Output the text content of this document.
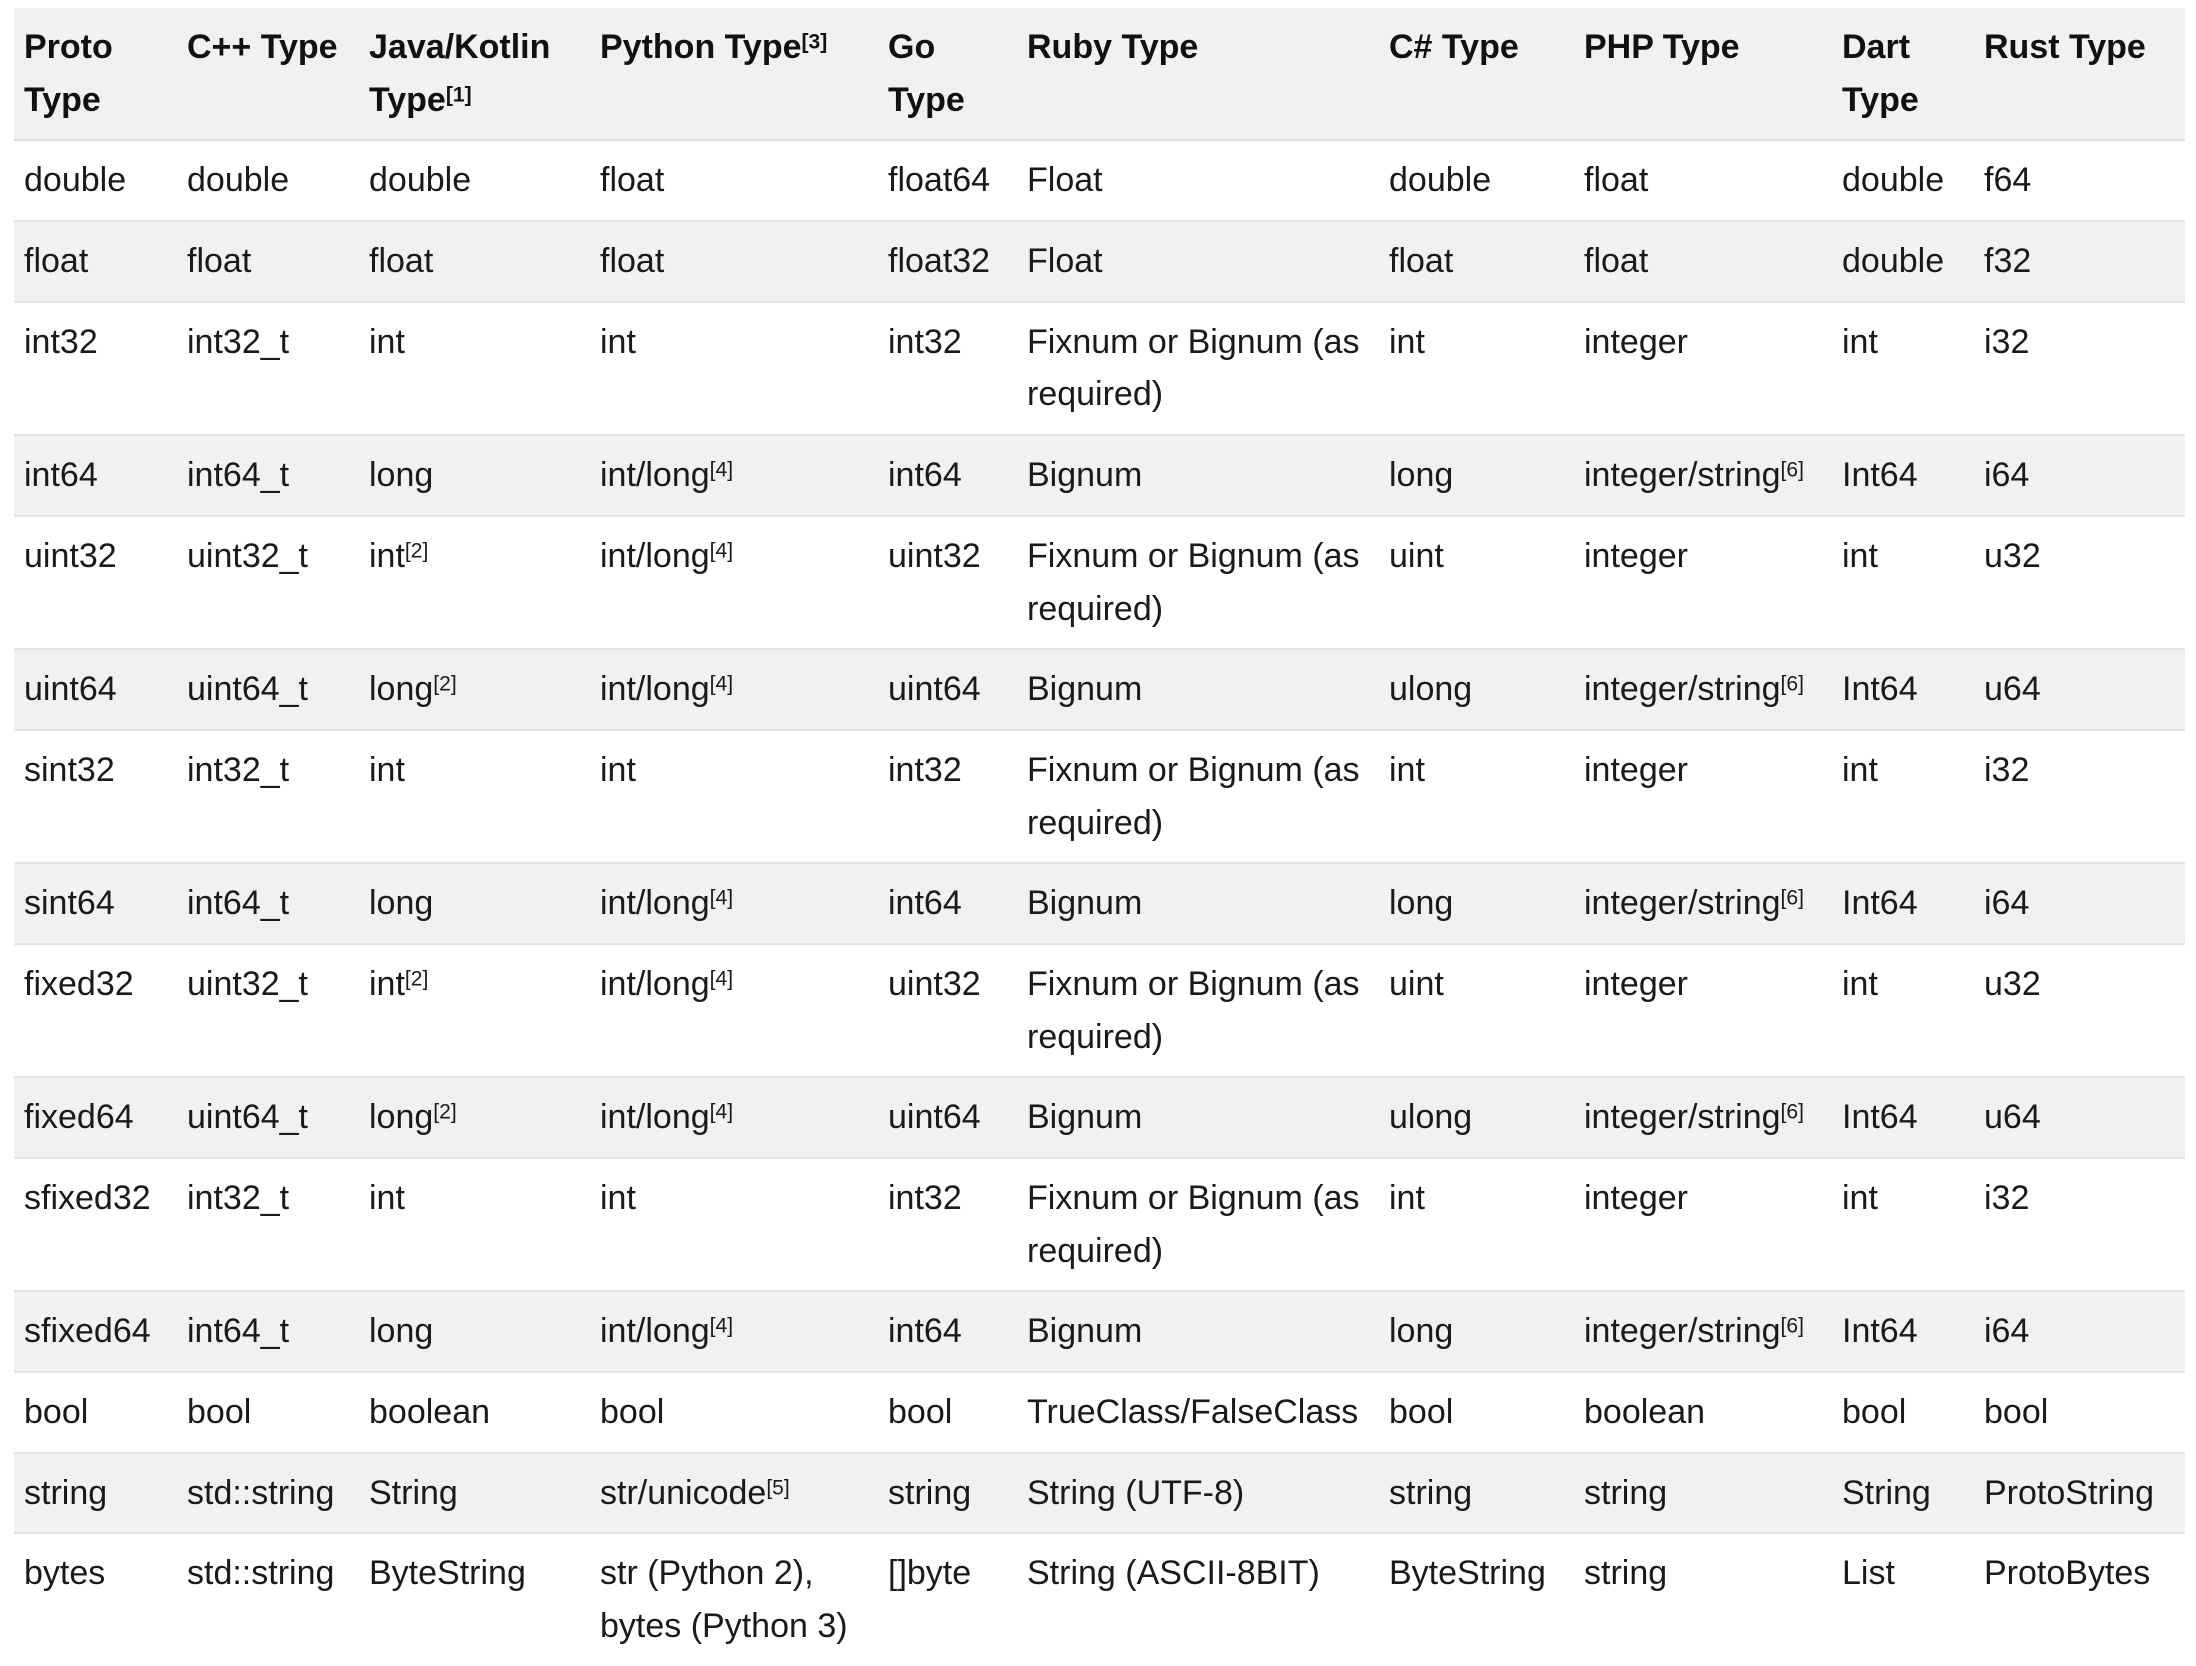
Proto Type	C++ Type	Java/Kotlin Type[1]	Python Type[3]	Go Type	Ruby Type	C# Type	PHP Type	Dart Type	Rust Type
double	double	double	float	float64	Float	double	float	double	f64
float	float	float	float	float32	Float	float	float	double	f32
int32	int32_t	int	int	int32	Fixnum or Bignum (as required)	int	integer	int	i32
int64	int64_t	long	int/long[4]	int64	Bignum	long	integer/string[6]	Int64	i64
uint32	uint32_t	int[2]	int/long[4]	uint32	Fixnum or Bignum (as required)	uint	integer	int	u32
uint64	uint64_t	long[2]	int/long[4]	uint64	Bignum	ulong	integer/string[6]	Int64	u64
sint32	int32_t	int	int	int32	Fixnum or Bignum (as required)	int	integer	int	i32
sint64	int64_t	long	int/long[4]	int64	Bignum	long	integer/string[6]	Int64	i64
fixed32	uint32_t	int[2]	int/long[4]	uint32	Fixnum or Bignum (as required)	uint	integer	int	u32
fixed64	uint64_t	long[2]	int/long[4]	uint64	Bignum	ulong	integer/string[6]	Int64	u64
sfixed32	int32_t	int	int	int32	Fixnum or Bignum (as required)	int	integer	int	i32
sfixed64	int64_t	long	int/long[4]	int64	Bignum	long	integer/string[6]	Int64	i64
bool	bool	boolean	bool	bool	TrueClass/FalseClass	bool	boolean	bool	bool
string	std::string	String	str/unicode[5]	string	String (UTF-8)	string	string	String	ProtoString
bytes	std::string	ByteString	str (Python 2), bytes (Python 3)	[]byte	String (ASCII-8BIT)	ByteString	string	List	ProtoBytes
